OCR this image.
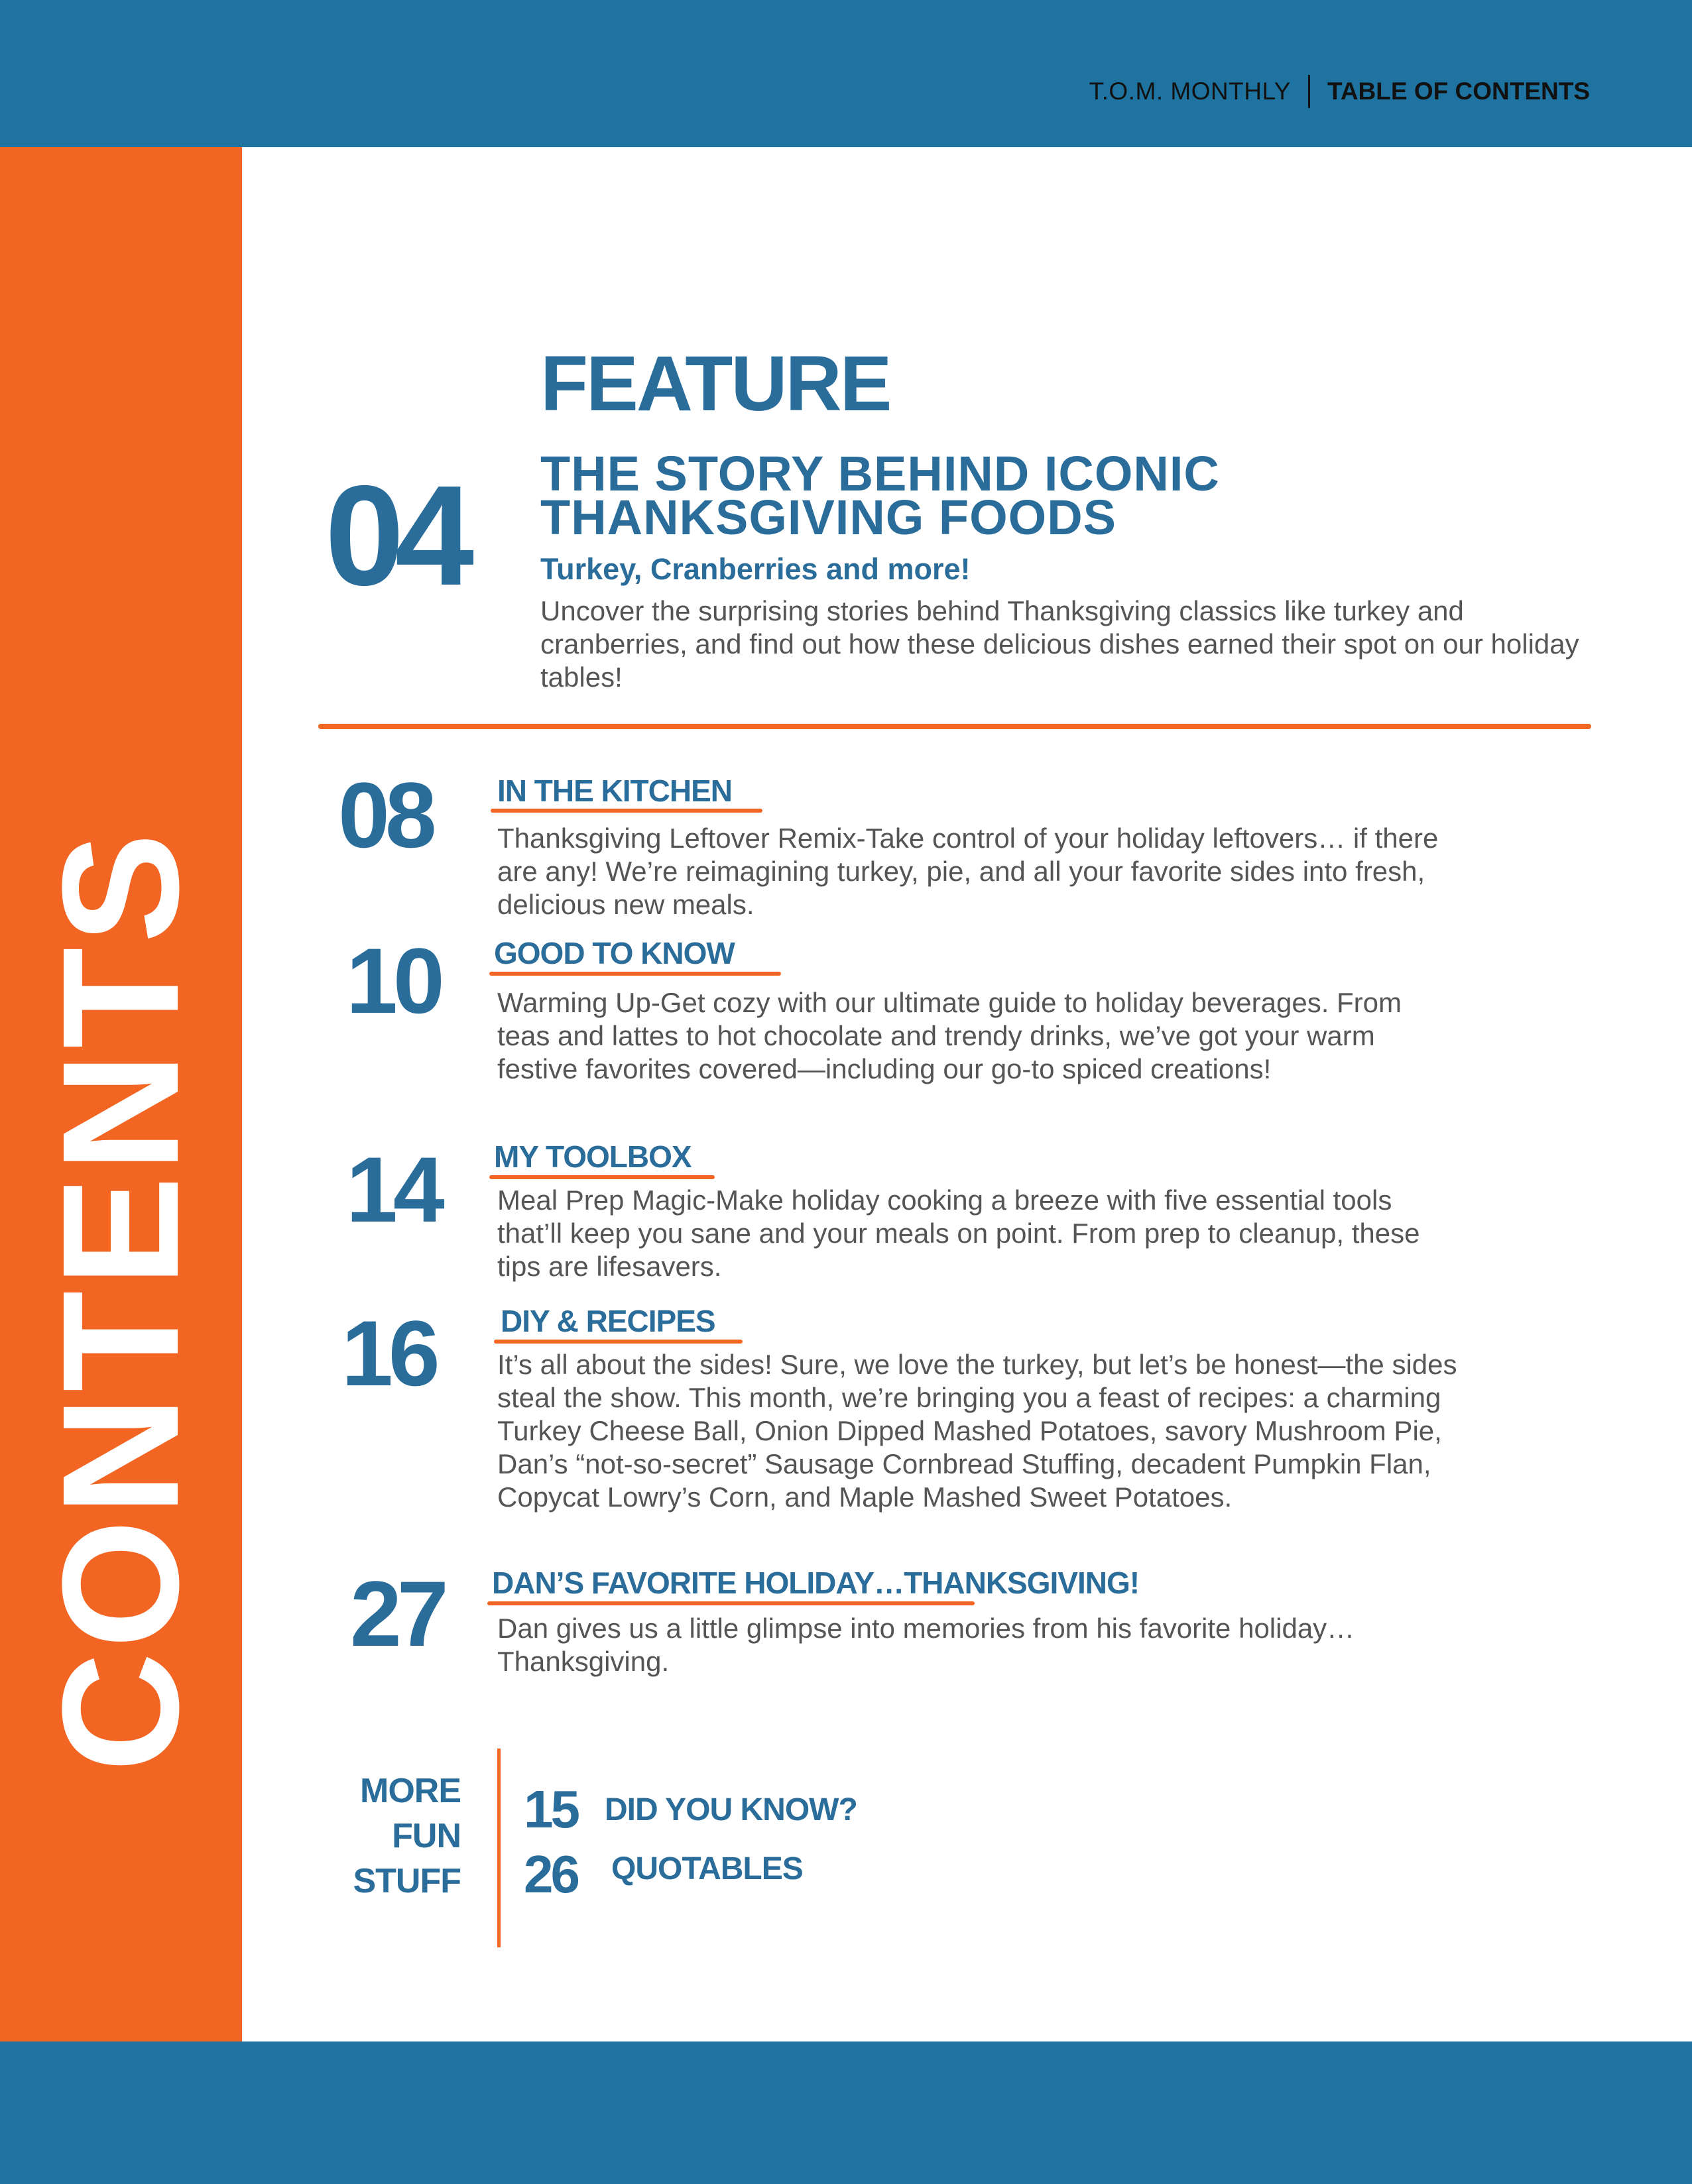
T.O.M. MONTHLY TABLE OF CONTENTS
CONTENTS
FEATURE
04 THE STORY BEHIND ICONIC THANKSGIVING FOODS
Turkey, Cranberries and more!
Uncover the surprising stories behind Thanksgiving classics like turkey and cranberries, and find out how these delicious dishes earned their spot on our holiday tables!
08 IN THE KITCHEN
Thanksgiving Leftover Remix-Take control of your holiday leftovers… if there are any! We’re reimagining turkey, pie, and all your favorite sides into fresh, delicious new meals.
10 GOOD TO KNOW
Warming Up-Get cozy with our ultimate guide to holiday beverages. From teas and lattes to hot chocolate and trendy drinks, we’ve got your warm festive favorites covered—including our go-to spiced creations!
14 MY TOOLBOX
Meal Prep Magic-Make holiday cooking a breeze with five essential tools that’ll keep you sane and your meals on point. From prep to cleanup, these tips are lifesavers.
16 DIY & RECIPES
It’s all about the sides! Sure, we love the turkey, but let’s be honest—the sides steal the show. This month, we’re bringing you a feast of recipes: a charming Turkey Cheese Ball, Onion Dipped Mashed Potatoes, savory Mushroom Pie, Dan’s “not-so-secret” Sausage Cornbread Stuffing, decadent Pumpkin Flan, Copycat Lowry’s Corn, and Maple Mashed Sweet Potatoes.
27 DAN’S FAVORITE HOLIDAY…THANKSGIVING!
Dan gives us a little glimpse into memories from his favorite holiday…Thanksgiving.
MORE
FUN
STUFF
15 DID YOU KNOW?
26 QUOTABLES
